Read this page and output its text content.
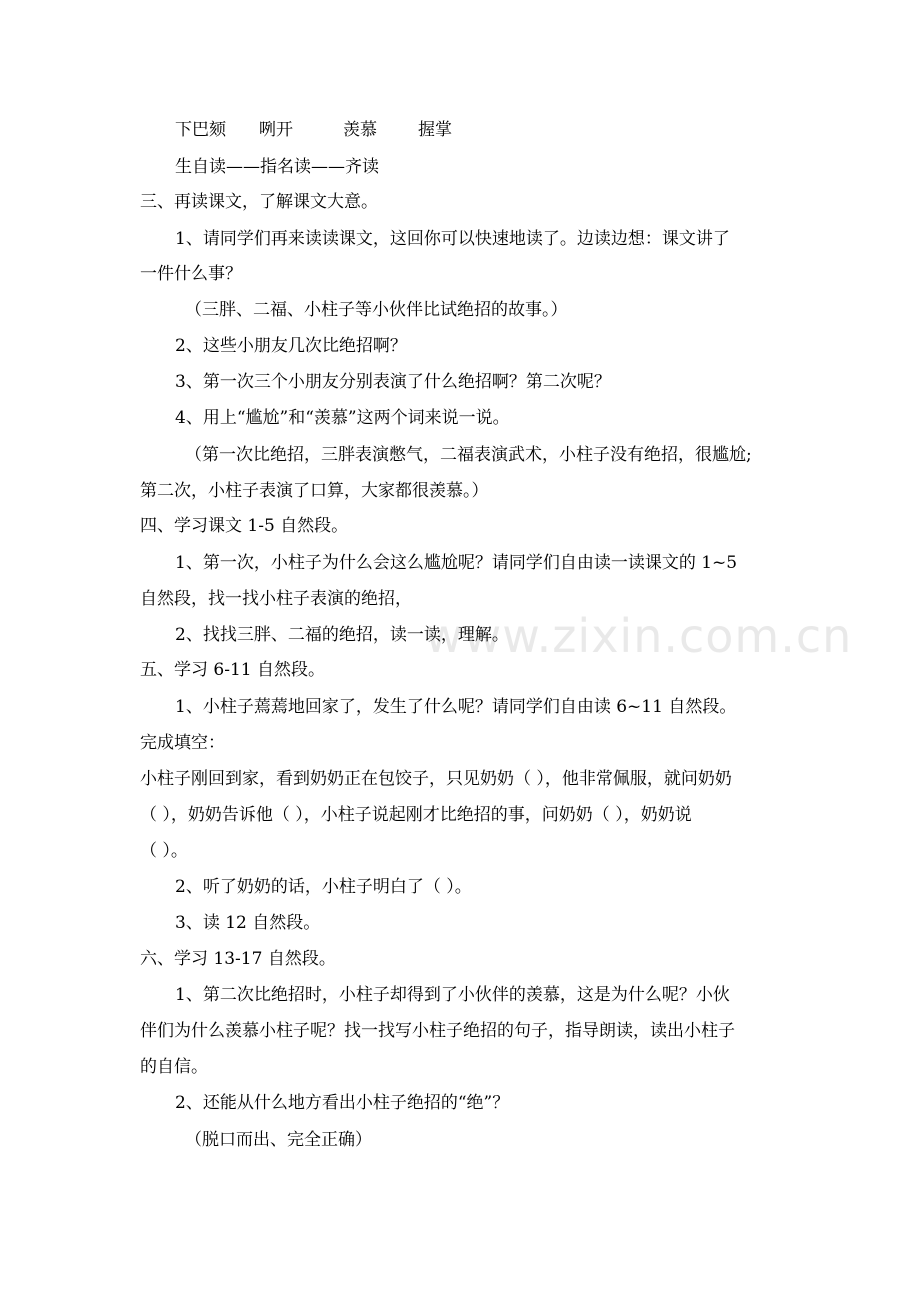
www.zixin.com.cn
下巴颏 咧开	羡慕 握掌
生自读——指名读——齐读
三、再读课文，了解课文大意。
1、请同学们再来读读课文，这回你可以快速地读了。边读边想：课文讲了
一件什么事？
（三胖、二福、小柱子等小伙伴比试绝招的故事。）
2、这些小朋友几次比绝招啊？
3、第一次三个小朋友分别表演了什么绝招啊？第二次呢？
4、用上“尴尬”和“羡慕”这两个词来说一说。
（第一次比绝招，三胖表演憋气，二福表演武术，小柱子没有绝招，很尴尬;
第二次，小柱子表演了口算，大家都很羡慕。）
四、学习课文 1-5 自然段。
1、第一次，小柱子为什么会这么尴尬呢？请同学们自由读一读课文的 1~5
自然段，找一找小柱子表演的绝招，
2、找找三胖、二福的绝招，读一读，理解。
五、学习 6-11 自然段。
1、小柱子蔫蔫地回家了，发生了什么呢？请同学们自由读 6~11 自然段。
完成填空：
小柱子刚回到家，看到奶奶正在包饺子，只见奶奶（ ），他非常佩服，就问奶奶
（ ），奶奶告诉他（ ），小柱子说起刚才比绝招的事，问奶奶（ ），奶奶说
（ ）。
2、听了奶奶的话，小柱子明白了（ ）。
3、读 12 自然段。
六、学习 13-17 自然段。
1、第二次比绝招时，小柱子却得到了小伙伴的羡慕，这是为什么呢？小伙
伴们为什么羡慕小柱子呢？找一找写小柱子绝招的句子，指导朗读，读出小柱子
的自信。
2、还能从什么地方看出小柱子绝招的“绝”？
（脱口而出、完全正确）
